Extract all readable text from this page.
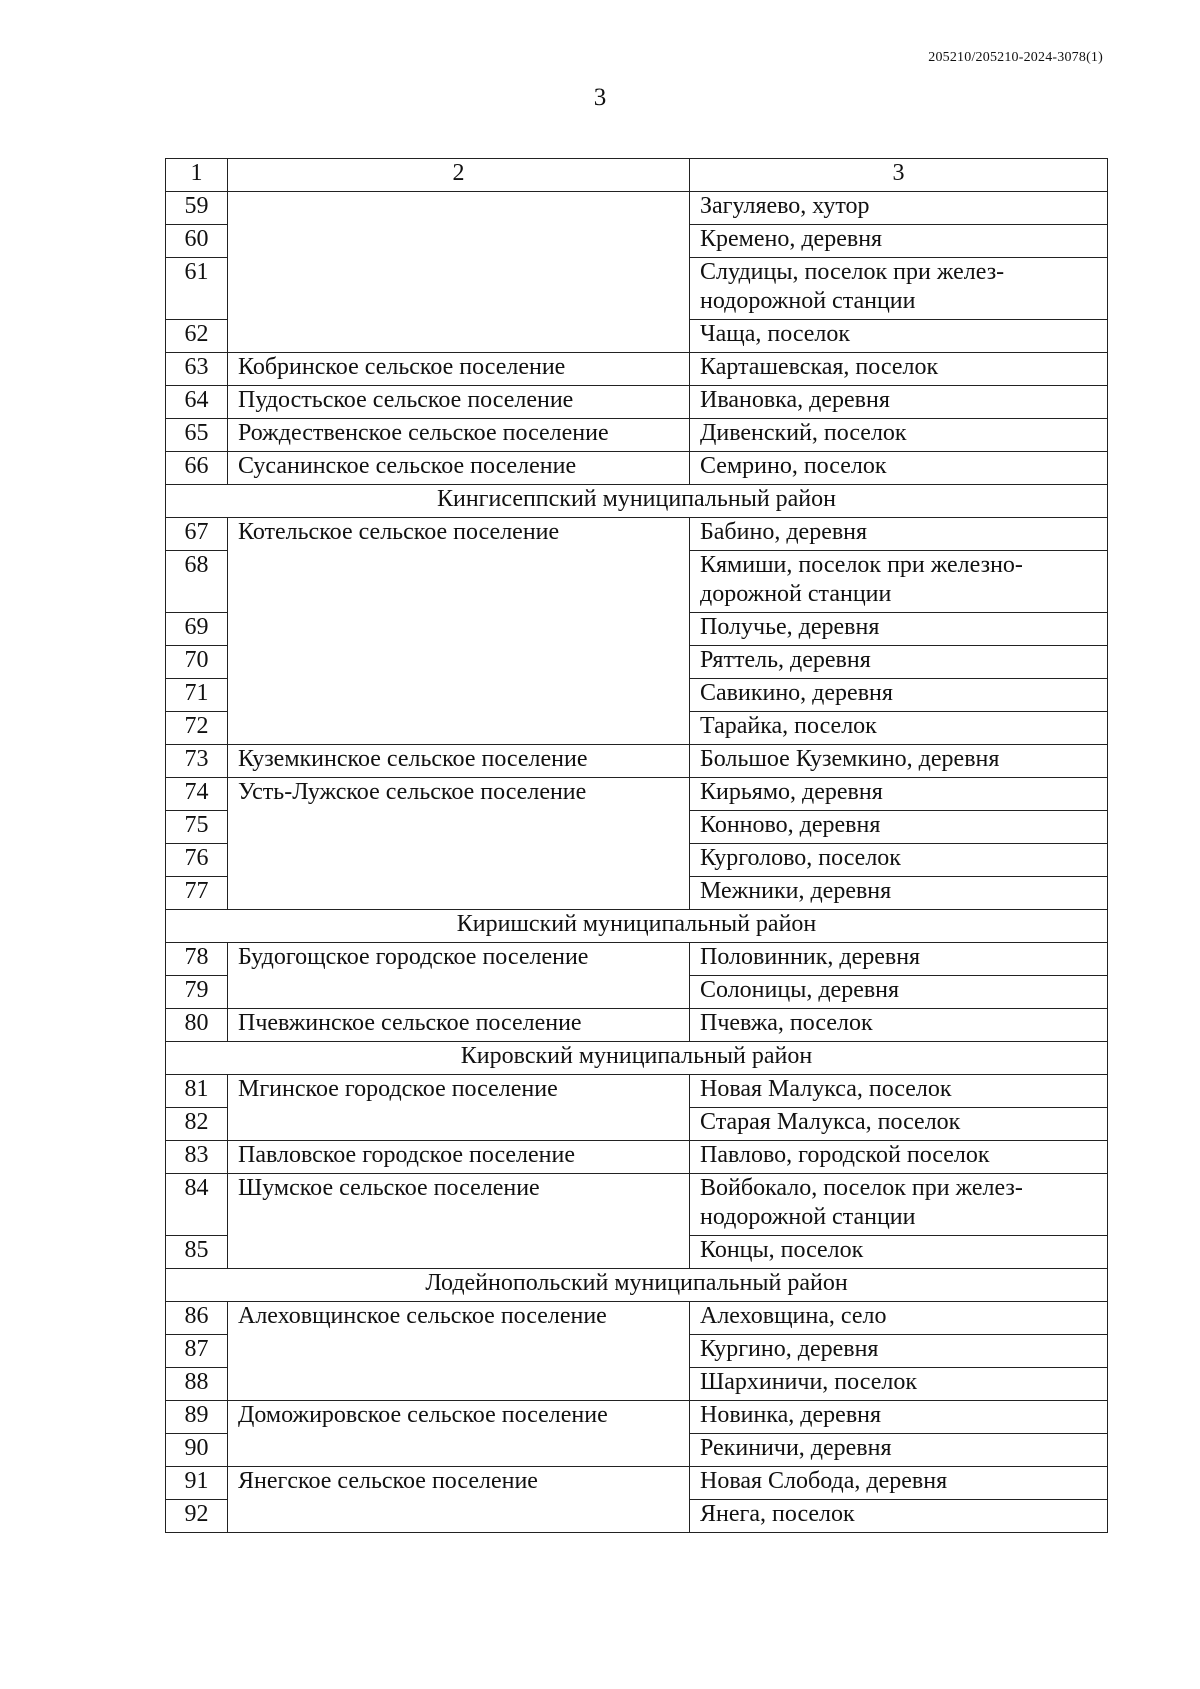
205210/205210-2024-3078(1)
3
1	2	3
59		Загуляево, хутор
60		Кремено, деревня
61		Слудицы, поселок при желез-нодорожной станции
62		Чаща, поселок
63	Кобринское сельское поселение	Карташевская, поселок
64	Пудостьское сельское поселение	Ивановка, деревня
65	Рождественское сельское поселение	Дивенский, поселок
66	Сусанинское сельское поселение	Семрино, поселок
Кингисеппский муниципальный район		
67	Котельское сельское поселение	Бабино, деревня
68		Кямиши, поселок при железно-дорожной станции
69		Получье, деревня
70		Ряттель, деревня
71		Савикино, деревня
72		Тарайка, поселок
73	Куземкинское сельское поселение	Большое Куземкино, деревня
74	Усть-Лужское сельское поселение	Кирьямо, деревня
75		Конново, деревня
76		Курголово, поселок
77		Межники, деревня
Киришский муниципальный район		
78	Будогощское городское поселение	Половинник, деревня
79		Солоницы, деревня
80	Пчевжинское сельское поселение	Пчевжа, поселок
Кировский муниципальный район		
81	Мгинское городское поселение	Новая Малукса, поселок
82		Старая Малукса, поселок
83	Павловское городское поселение	Павлово, городской поселок
84	Шумское сельское поселение	Войбокало, поселок при желез-нодорожной станции
85		Концы, поселок
Лодейнопольский муниципальный район		
86	Алеховщинское сельское поселение	Алеховщина, село
87		Кургино, деревня
88		Шархиничи, поселок
89	Доможировское сельское поселение	Новинка, деревня
90		Рекиничи, деревня
91	Янегское сельское поселение	Новая Слобода, деревня
92		Янега, поселок
